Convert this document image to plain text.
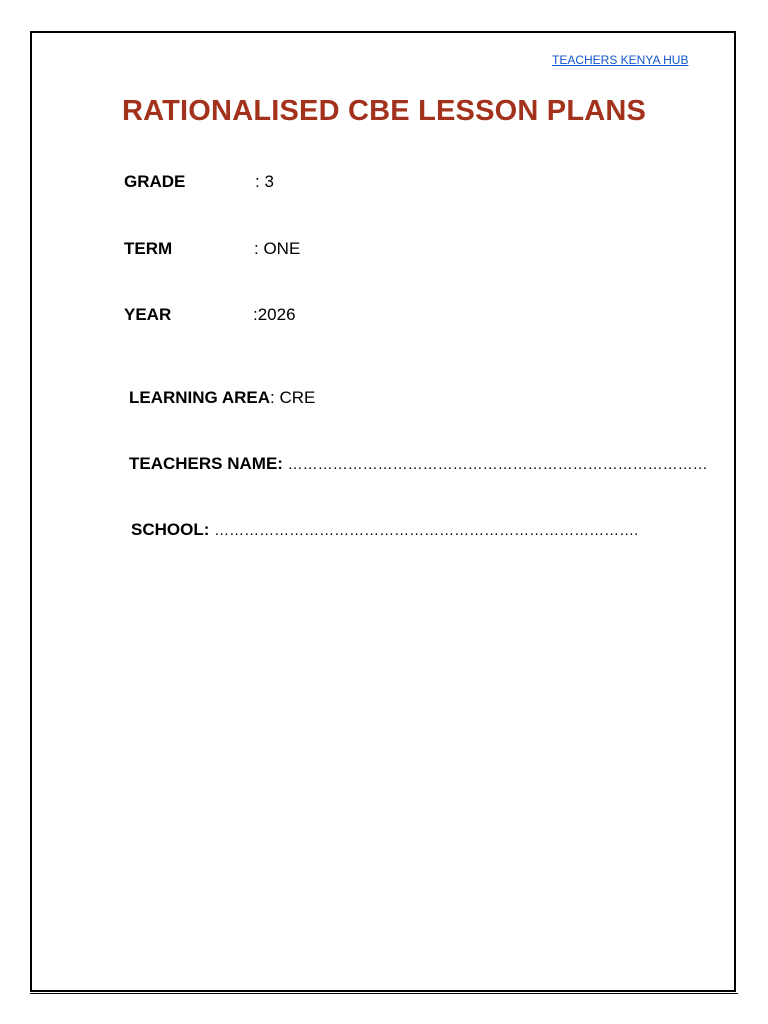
TEACHERS KENYA HUB
RATIONALISED CBE LESSON PLANS
GRADE	: 3
TERM	: ONE
YEAR	:2026
LEARNING AREA: CRE
TEACHERS NAME: …………………………………………………………………………
SCHOOL: ………………………………………………………………………….
